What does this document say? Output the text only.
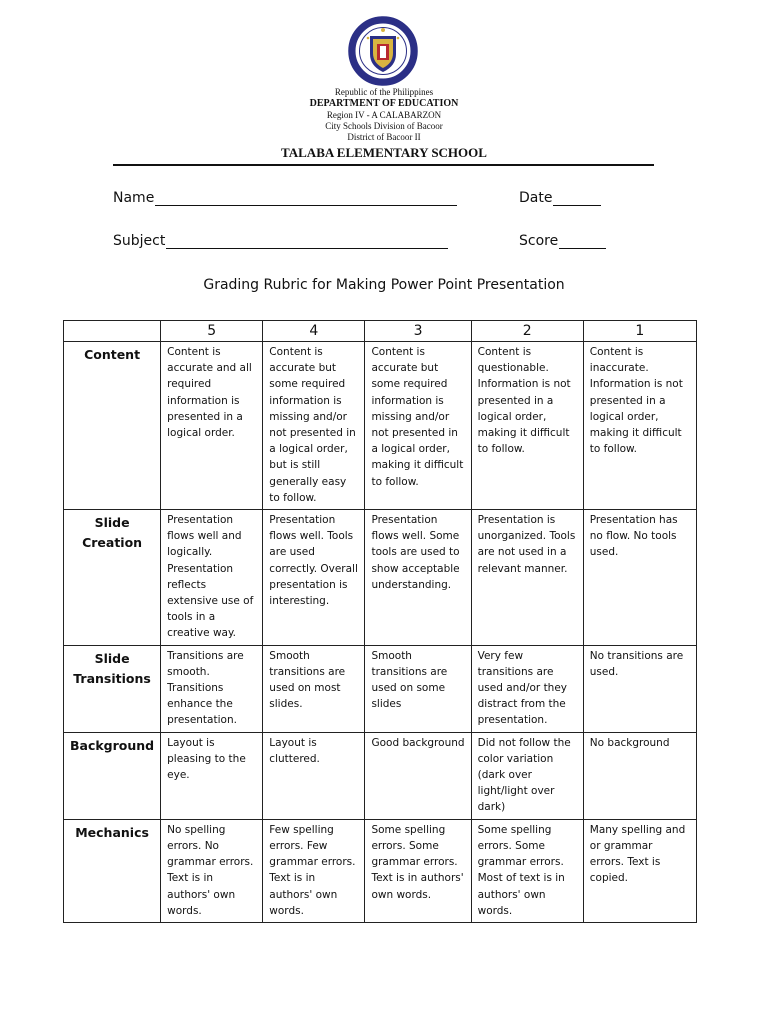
Republic of the Philippines
DEPARTMENT OF EDUCATION
Region IV - A CALABARZON
City Schools Division of Bacoor
District of Bacoor II
TALABA ELEMENTARY SCHOOL
Name	Date
Subject	Score
Grading Rubric for Making Power Point Presentation
	5	4	3	2	1
Content	Content is accurate and all required information is presented in a logical order.	Content is accurate but some required information is missing and/or not presented in a logical order, but is still generally easy to follow.	Content is accurate but some required information is missing and/or not presented in a logical order, making it difficult to follow.	Content is questionable. Information is not presented in a logical order, making it difficult to follow.	Content is inaccurate. Information is not presented in a logical order, making it difficult to follow.
Slide Creation	Presentation flows well and logically. Presentation reflects extensive use of tools in a creative way.	Presentation flows well. Tools are used correctly. Overall presentation is interesting.	Presentation flows well. Some tools are used to show acceptable understanding.	Presentation is unorganized. Tools are not used in a relevant manner.	Presentation has no flow. No tools used.
Slide Transitions	Transitions are smooth. Transitions enhance the presentation.	Smooth transitions are used on most slides.	Smooth transitions are used on some slides	Very few transitions are used and/or they distract from the presentation.	No transitions are used.
Background	Layout is pleasing to the eye.	Layout is cluttered.	Good background	Did not follow the color variation (dark over light/light over dark)	No background
Mechanics	No spelling errors. No grammar errors. Text is in authors' own words.	Few spelling errors. Few grammar errors. Text is in authors' own words.	Some spelling errors. Some grammar errors. Text is in authors' own words.	Some spelling errors. Some grammar errors. Most of text is in authors' own words.	Many spelling and or grammar errors. Text is copied.
